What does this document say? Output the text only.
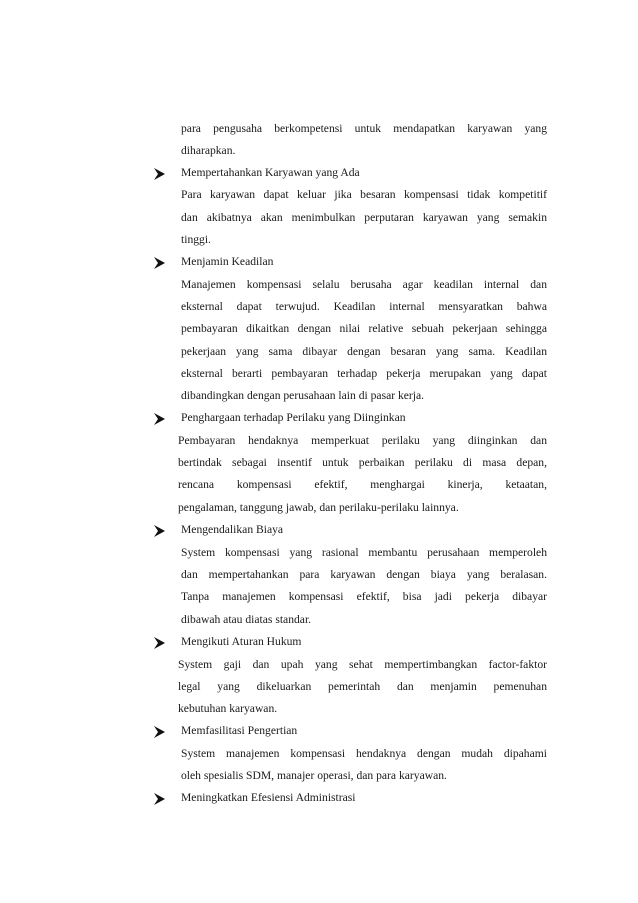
para pengusaha berkompetensi untuk mendapatkan karyawan yang
diharapkan.
Mempertahankan Karyawan yang Ada
Para karyawan dapat keluar jika besaran kompensasi tidak kompetitif
dan akibatnya akan menimbulkan perputaran karyawan yang semakin
tinggi.
Menjamin Keadilan
Manajemen kompensasi selalu berusaha agar keadilan internal dan
eksternal dapat terwujud. Keadilan internal mensyaratkan bahwa
pembayaran dikaitkan dengan nilai relative sebuah pekerjaan sehingga
pekerjaan yang sama dibayar dengan besaran yang sama. Keadilan
eksternal berarti pembayaran terhadap pekerja merupakan yang dapat
dibandingkan dengan perusahaan lain di pasar kerja.
Penghargaan terhadap Perilaku yang Diinginkan
Pembayaran hendaknya memperkuat perilaku yang diinginkan dan
bertindak sebagai insentif untuk perbaikan perilaku di masa depan,
rencana kompensasi efektif, menghargai kinerja, ketaatan,
pengalaman, tanggung jawab, dan perilaku-perilaku lainnya.
Mengendalikan Biaya
System kompensasi yang rasional membantu perusahaan memperoleh
dan mempertahankan para karyawan dengan biaya yang beralasan.
Tanpa manajemen kompensasi efektif, bisa jadi pekerja dibayar
dibawah atau diatas standar.
Mengikuti Aturan Hukum
System gaji dan upah yang sehat mempertimbangkan factor-faktor
legal yang dikeluarkan pemerintah dan menjamin pemenuhan
kebutuhan karyawan.
Memfasilitasi Pengertian
System manajemen kompensasi hendaknya dengan mudah dipahami
oleh spesialis SDM, manajer operasi, dan para karyawan.
Meningkatkan Efesiensi Administrasi
